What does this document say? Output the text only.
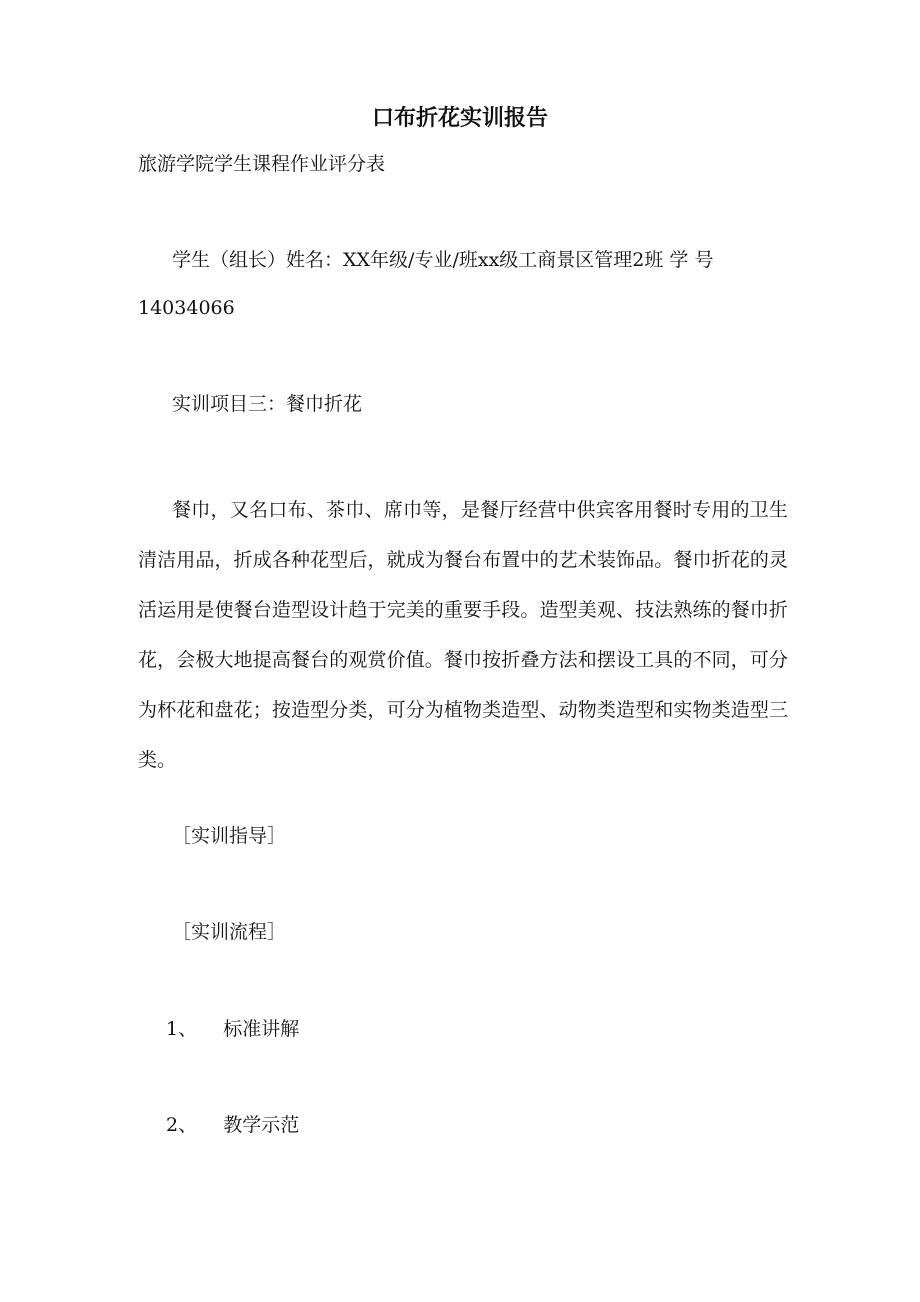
口布折花实训报告
旅游学院学生课程作业评分表
学生（组长）姓名：XX年级/专业/班xx级工商景区管理2班 学 号
14034066
实训项目三：餐巾折花
餐巾，又名口布、茶巾、席巾等，是餐厅经营中供宾客用餐时专用的卫生清洁用品，折成各种花型后，就成为餐台布置中的艺术装饰品。餐巾折花的灵活运用是使餐台造型设计趋于完美的重要手段。造型美观、技法熟练的餐巾折花，会极大地提高餐台的观赏价值。餐巾按折叠方法和摆设工具的不同，可分为杯花和盘花；按造型分类，可分为植物类造型、动物类造型和实物类造型三类。
［实训指导］
［实训流程］
1、 标准讲解
2、 教学示范
